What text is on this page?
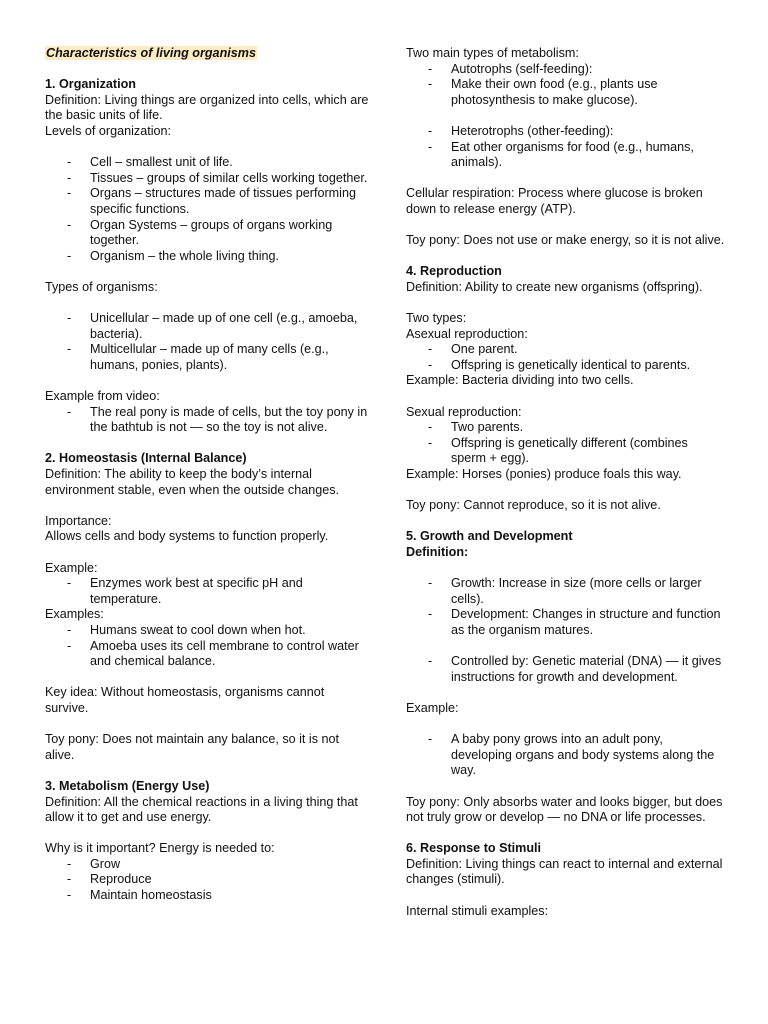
Characteristics of living organisms
1. Organization
Definition: Living things are organized into cells, which are the basic units of life.
Levels of organization:
-	Cell – smallest unit of life.
-	Tissues – groups of similar cells working together.
-	Organs – structures made of tissues performing specific functions.
-	Organ Systems – groups of organs working together.
-	Organism – the whole living thing.
Types of organisms:
-	Unicellular – made up of one cell (e.g., amoeba, bacteria).
-	Multicellular – made up of many cells (e.g., humans, ponies, plants).
Example from video:
-	The real pony is made of cells, but the toy pony in the bathtub is not — so the toy is not alive.
2. Homeostasis (Internal Balance)
Definition: The ability to keep the body’s internal environment stable, even when the outside changes.
Importance:
Allows cells and body systems to function properly.
Example:
-	Enzymes work best at specific pH and temperature.
Examples:
-	Humans sweat to cool down when hot.
-	Amoeba uses its cell membrane to control water and chemical balance.
Key idea: Without homeostasis, organisms cannot survive.
Toy pony: Does not maintain any balance, so it is not alive.
3. Metabolism (Energy Use)
Definition: All the chemical reactions in a living thing that allow it to get and use energy.
Why is it important? Energy is needed to:
-	Grow
-	Reproduce
-	Maintain homeostasis
Two main types of metabolism:
-	Autotrophs (self-feeding):
-	Make their own food (e.g., plants use photosynthesis to make glucose).
-	Heterotrophs (other-feeding):
-	Eat other organisms for food (e.g., humans, animals).
Cellular respiration: Process where glucose is broken down to release energy (ATP).
Toy pony: Does not use or make energy, so it is not alive.
4. Reproduction
Definition: Ability to create new organisms (offspring).
Two types:
Asexual reproduction:
-	One parent.
-	Offspring is genetically identical to parents.
Example: Bacteria dividing into two cells.
Sexual reproduction:
-	Two parents.
-	Offspring is genetically different (combines sperm + egg).
Example: Horses (ponies) produce foals this way.
Toy pony: Cannot reproduce, so it is not alive.
5. Growth and Development
Definition:
-	Growth: Increase in size (more cells or larger cells).
-	Development: Changes in structure and function as the organism matures.
-	Controlled by: Genetic material (DNA) — it gives instructions for growth and development.
Example:
-	A baby pony grows into an adult pony, developing organs and body systems along the way.
Toy pony: Only absorbs water and looks bigger, but does not truly grow or develop — no DNA or life processes.
6. Response to Stimuli
Definition: Living things can react to internal and external changes (stimuli).
Internal stimuli examples:
